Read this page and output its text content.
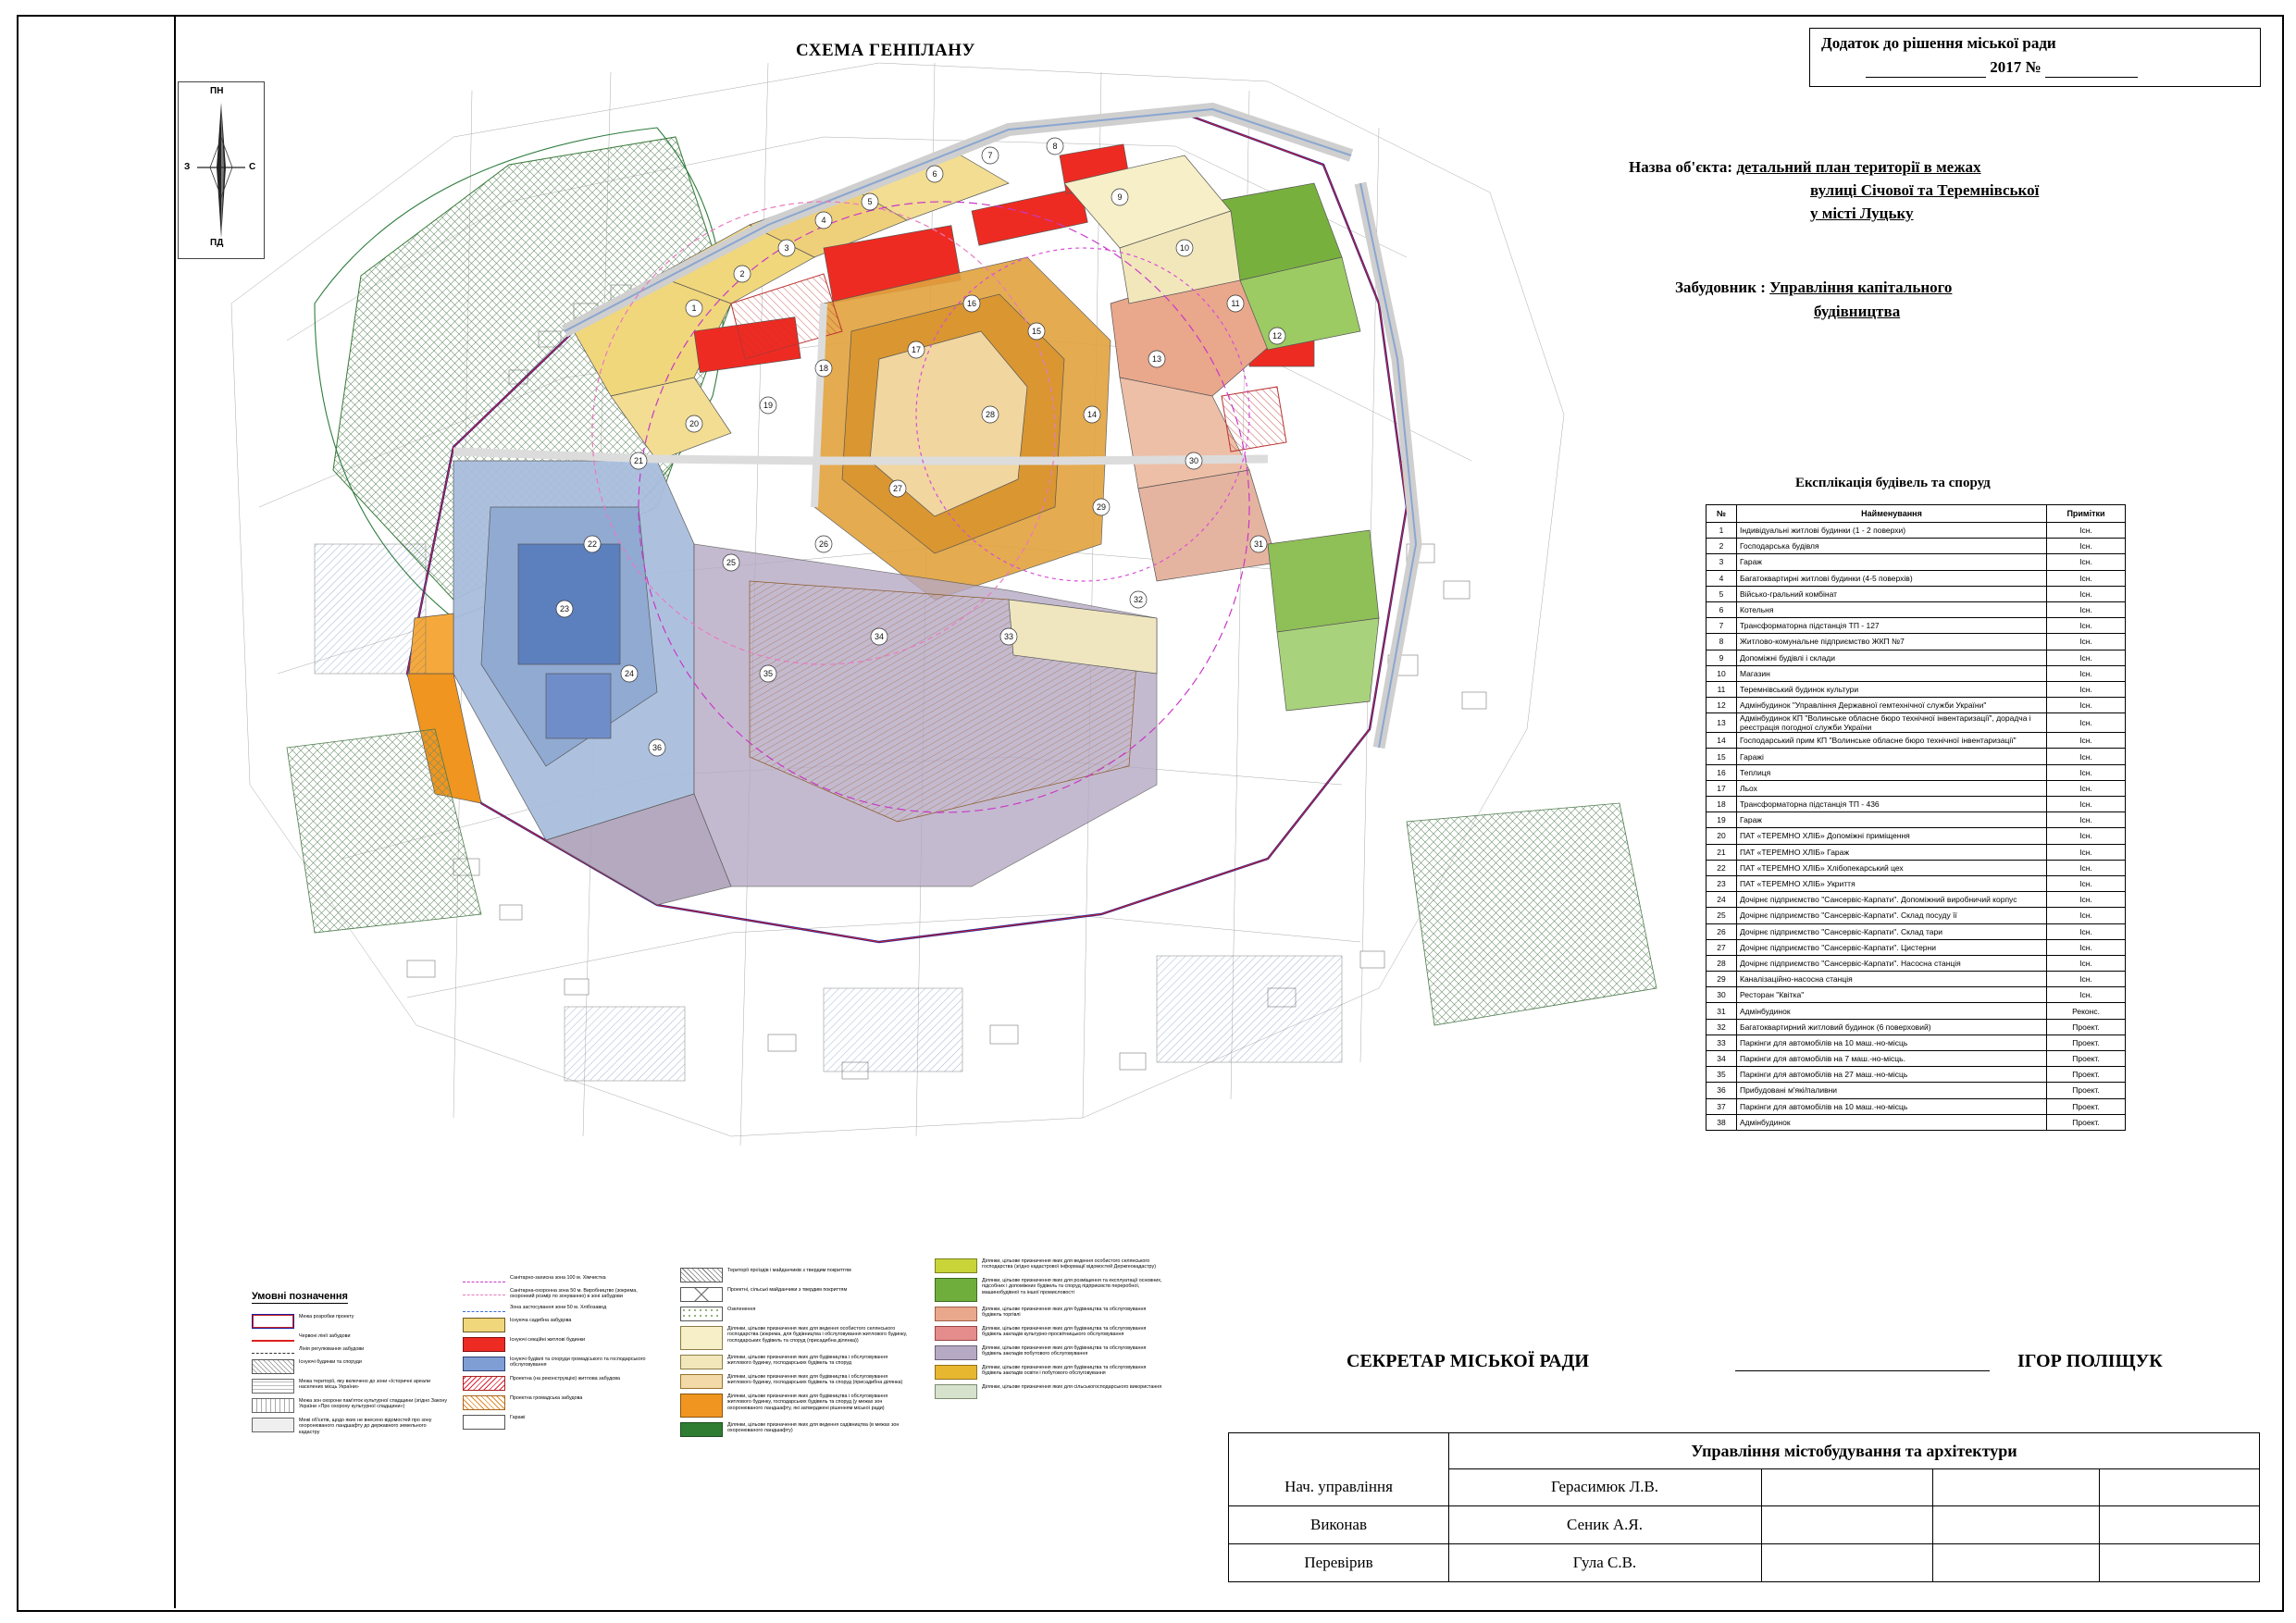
СХЕМА ГЕНПЛАНУ	Додаток до рішення міської ради
2017 №
Назва об'єкта: детальний план території в межах
вулиці Січової та Теремнівської
у місті Луцьку
Забудовник : Управління капітального
будівництва
Експлікація будівель та споруд
№	Найменування	Примітки
1	Індивідуальні житлові будинки (1 - 2 поверхи)	Існ.
2	Господарська будівля	Існ.
3	Гараж	Існ.
4	Багатоквартирні житлові будинки (4-5 поверхів)	Існ.
5	Військо-гральний комбінат	Існ.
6	Котельня	Існ.
7	Трансформаторна підстанція ТП - 127	Існ.
8	Житлово-комунальне підприємство ЖКП №7	Існ.
9	Допоміжні будівлі і склади	Існ.
10	Магазин	Існ.
11	Теремнівський будинок культури	Існ.
12	Адмінбудинок "Управління Державної гемтехнічної служби України"	Існ.
13	Адмінбудинок КП "Волинське обласне бюро технічної інвентаризації", дорадча і реєстрація погодної служби України	Існ.
14	Господарський прим КП "Волинське обласне бюро технічної інвентаризації"	Існ.
15	Гаражі	Існ.
16	Теплиця	Існ.
17	Льох	Існ.
18	Трансформаторна підстанція ТП - 436	Існ.
19	Гараж	Існ.
20	ПАТ «ТЕРЕМНО ХЛІБ» Допоміжні приміщення	Існ.
21	ПАТ «ТЕРЕМНО ХЛІБ» Гараж	Існ.
22	ПАТ «ТЕРЕМНО ХЛІБ» Хлібопекарський цех	Існ.
23	ПАТ «ТЕРЕМНО ХЛІБ» Укриття	Існ.
24	Дочірнє підприємство "Сансервіс-Карпати". Допоміжний виробничий корпус	Існ.
25	Дочірнє підприємство "Сансервіс-Карпати". Склад посуду її	Існ.
26	Дочірнє підприємство "Сансервіс-Карпати". Склад тари	Існ.
27	Дочірнє підприємство "Сансервіс-Карпати". Цистерни	Існ.
28	Дочірнє підприємство "Сансервіс-Карпати". Насосна станція	Існ.
29	Каналізаційно-насосна станція	Існ.
30	Ресторан "Квітка"	Існ.
31	Адмінбудинок	Реконс.
32	Багатоквартирний житловий будинок (6 поверховий)	Проект.
33	Паркінги для автомобілів на 10 маш.-но-місць	Проект.
34	Паркінги для автомобілів на 7 маш.-но-місць.	Проект.
35	Паркінги для автомобілів на 27 маш.-но-місць	Проект.
36	Прибудовані м'які/паливни	Проект.
37	Паркінги для автомобілів на 10 маш.-но-місць	Проект.
38	Адмінбудинок	Проект.
СЕКРЕТАР МІСЬКОЇ РАДИ	ІГОР ПОЛІЩУК
Управління містобудування та архітектури
Нач. управління	Герасимюк Л.В.
Виконав	Сеник А.Я.
Перевірив	Гула С.В.
ПН
ПД
З	С
1
2
3
4
5
6
7
8
9
10
11
12
13
14
15
16
17
18
19
20
21
22
23
24
25
26
27
28
29
30
31
32
33
34
35
36
Умовні позначення
Межа розробки проекту
Червоні лінії забудови
Лінія регулювання забудови
Існуючі будинки та споруди
Межа території, яку включено до зони «Історичні ареали населених місць України»
Межа зон охорони пам'яток культурної спадщини (згідно Закону України «Про охорону культурної спадщини»)
Межі об'єктів, щодо яких не внесено відомостей про зону охоронюваного ландшафту до державного земельного кадастру
Санітарно-захисна зона 100 м. Хімчистка
Санітарна-охоронна зона 50 м. Виробництво (зокрема, охоронний розмір по зонуванню) в зоні забудови
Зона застосування зони 50 м. Хлібозавод
Існуюча садибна забудова
Існуючі секційні житлові будинки
Існуючі будівлі та споруди громадського та господарського обслуговування
Проектна (на реконструкцію) житлова забудова
Проектна громадська забудова
Гаражі
Території проїздів і майданчиків з твердим покриттям
Проектні, сільські майданчики з твердим покриттям
Озеленення
Ділянки, цільове призначення яких для ведення особистого селянського господарства (зокрема, для будівництва і обслуговування житлового будинку, господарських будівель та споруд (присадибна ділянка))
Ділянки, цільове призначення яких для будівництва і обслуговування житлового будинку, господарських будівель та споруд
Ділянки, цільове призначення яких для будівництва і обслуговування житлового будинку, господарських будівель та споруд (присадибна ділянка)
Ділянки, цільове призначення яких для будівництва і обслуговування житлового будинку, господарських будівель та споруд (у межах зон охоронюваного ландшафту, які затверджені рішенням міської ради)
Ділянки, цільове призначення яких для ведення садівництва (в межах зон охоронюваного ландшафту)
Ділянки, цільове призначення яких для ведення особистого селянського господарства (згідно кадастрової інформації відомостей Держгеокадастру)
Ділянки, цільове призначення яких для розміщення та експлуатації основних, підсобних і допоміжних будівель та споруд підприємств переробної, машинобудівної та іншої промисловості
Ділянки, цільове призначення яких для будівництва та обслуговування будівель торгівлі
Ділянки, цільове призначення яких для будівництва та обслуговування будівель закладів культурно-просвітницького обслуговування
Ділянки, цільове призначення яких для будівництва та обслуговування будівель закладів побутового обслуговування
Ділянки, цільове призначення яких для будівництва та обслуговування будівель закладів освіти і побутового обслуговування
Ділянки, цільове призначення яких для сільськогосподарського використання
